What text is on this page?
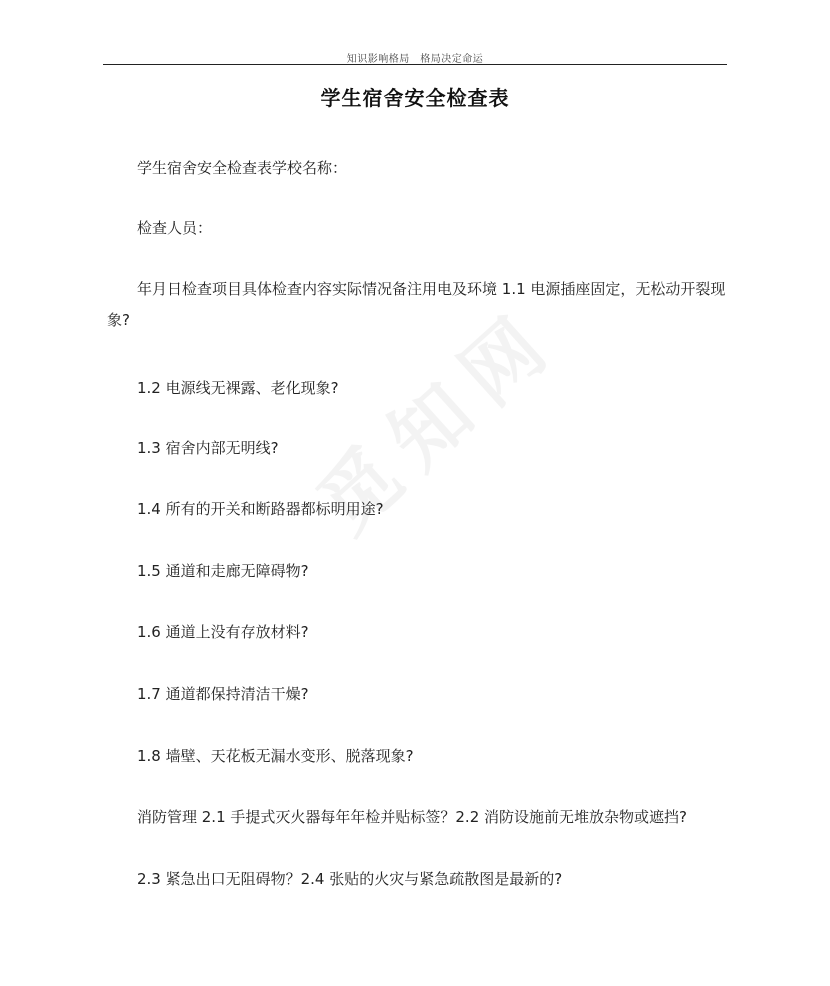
知识影响格局　格局决定命运
学生宿舍安全检查表
学生宿舍安全检查表学校名称：
检查人员：
年月日检查项目具体检查内容实际情况备注用电及环境 1.1 电源插座固定，无松动开裂现象?
1.2 电源线无裸露、老化现象?
1.3 宿舍内部无明线?
1.4 所有的开关和断路器都标明用途?
1.5 通道和走廊无障碍物?
1.6 通道上没有存放材料?
1.7 通道都保持清洁干燥?
1.8 墙壁、天花板无漏水变形、脱落现象?
消防管理 2.1 手提式灭火器每年年检并贴标签？2.2 消防设施前无堆放杂物或遮挡?
2.3 紧急出口无阻碍物？2.4 张贴的火灾与紧急疏散图是最新的?
